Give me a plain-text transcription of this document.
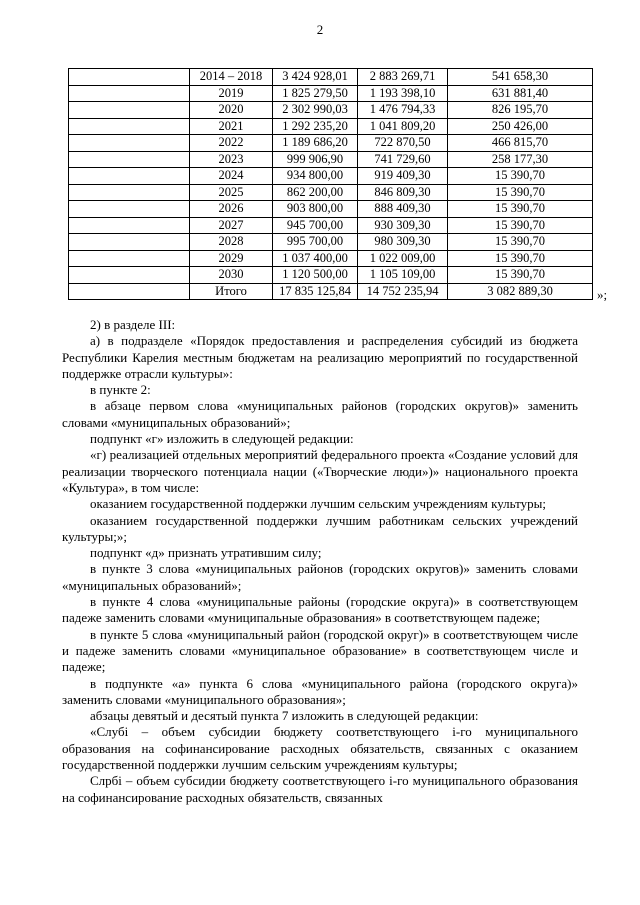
2
	2014 – 2018	3 424 928,01	2 883 269,71	541 658,30
	2019	1 825 279,50	1 193 398,10	631 881,40
	2020	2 302 990,03	1 476 794,33	826 195,70
	2021	1 292 235,20	1 041 809,20	250 426,00
	2022	1 189 686,20	722 870,50	466 815,70
	2023	999 906,90	741 729,60	258 177,30
	2024	934 800,00	919 409,30	15 390,70
	2025	862 200,00	846 809,30	15 390,70
	2026	903 800,00	888 409,30	15 390,70
	2027	945 700,00	930 309,30	15 390,70
	2028	995 700,00	980 309,30	15 390,70
	2029	1 037 400,00	1 022 009,00	15 390,70
	2030	1 120 500,00	1 105 109,00	15 390,70
	Итого	17 835 125,84	14 752 235,94	3 082 889,30	»;

2) в разделе III:

а) в подразделе «Порядок предоставления и распределения субсидий из бюджета Республики Карелия местным бюджетам на реализацию мероприятий по государственной поддержке отрасли культуры»:

в пункте 2:

в абзаце первом слова «муниципальных районов (городских округов)» заменить словами «муниципальных образований»;

подпункт «г» изложить в следующей редакции:

«г) реализацией отдельных мероприятий федерального проекта «Создание условий для реализации творческого потенциала нации («Творческие люди»)» национального проекта «Культура», в том числе:

оказанием государственной поддержки лучшим сельским учреждениям культуры;

оказанием государственной поддержки лучшим работникам сельских учреждений культуры;»;

подпункт «д» признать утратившим силу;

в пункте 3 слова «муниципальных районов (городских округов)» заменить словами «муниципальных образований»;

в пункте 4 слова «муниципальные районы (городские округа)» в соответствующем падеже заменить словами «муниципальные образования» в соответствующем падеже;

в пункте 5 слова «муниципальный район (городской округ)» в соответствующем числе и падеже заменить словами «муниципальное образование» в соответствующем числе и падеже;

в подпункте «а» пункта 6 слова «муниципального района (городского округа)» заменить словами «муниципального образования»;

абзацы девятый и десятый пункта 7 изложить в следующей редакции:

«Слубi – объем субсидии бюджету соответствующего i-го муниципального образования на софинансирование расходных обязательств, связанных с оказанием государственной поддержки лучшим сельским учреждениям культуры;

Слрбi – объем субсидии бюджету соответствующего i-го муниципального образования на софинансирование расходных обязательств, связанных
